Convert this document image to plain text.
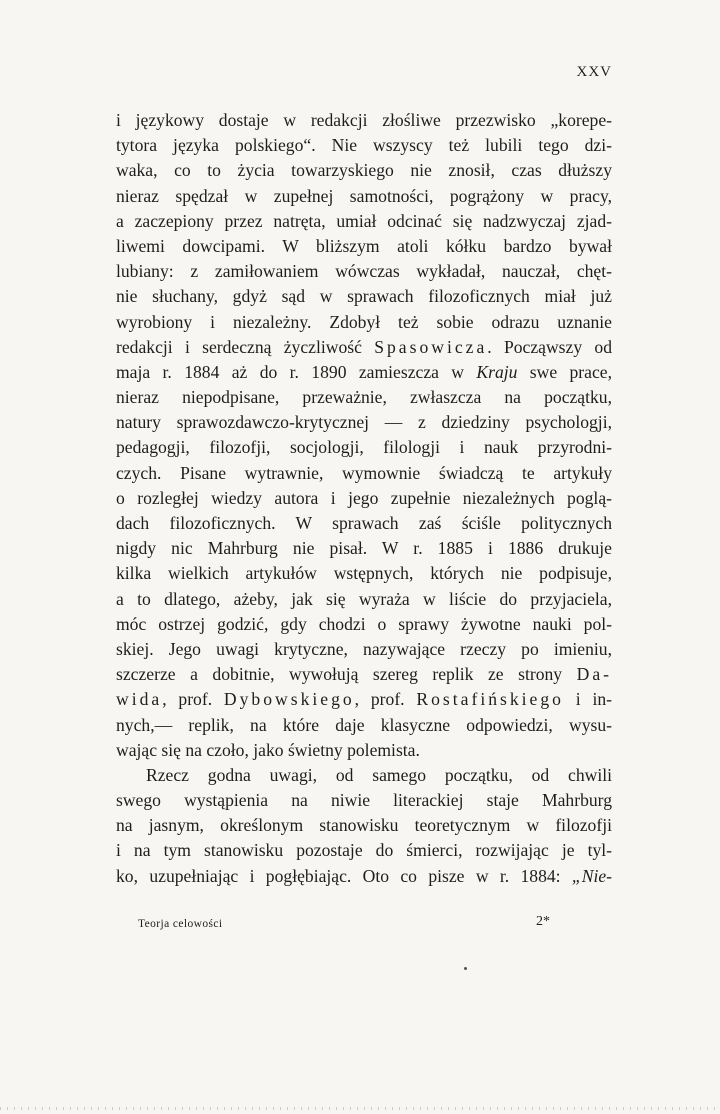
XXV
i językowy dostaje w redakcji złośliwe przezwisko „korepe-
tytora języka polskiego“. Nie wszyscy też lubili tego dzi-
waka, co to życia towarzyskiego nie znosił, czas dłuższy
nieraz spędzał w zupełnej samotności, pogrążony w pracy,
a zaczepiony przez natręta, umiał odcinać się nadzwyczaj zjad-
liwemi dowcipami. W bliższym atoli kółku bardzo bywał
lubiany: z zamiłowaniem wówczas wykładał, nauczał, chęt-
nie słuchany, gdyż sąd w sprawach filozoficznych miał już
wyrobiony i niezależny. Zdobył też sobie odrazu uznanie
redakcji i serdeczną życzliwość Spasowicza. Począwszy od
maja r. 1884 aż do r. 1890 zamieszcza w Kraju swe prace,
nieraz niepodpisane, przeważnie, zwłaszcza na początku,
natury sprawozdawczo-krytycznej — z dziedziny psychologji,
pedagogji, filozofji, socjologji, filologji i nauk przyrodni-
czych. Pisane wytrawnie, wymownie świadczą te artykuły
o rozległej wiedzy autora i jego zupełnie niezależnych poglą-
dach filozoficznych. W sprawach zaś ściśle politycznych
nigdy nic Mahrburg nie pisał. W r. 1885 i 1886 drukuje
kilka wielkich artykułów wstępnych, których nie podpisuje,
a to dlatego, ażeby, jak się wyraża w liście do przyjaciela,
móc ostrzej godzić, gdy chodzi o sprawy żywotne nauki pol-
skiej. Jego uwagi krytyczne, nazywające rzeczy po imieniu,
szczerze a dobitnie, wywołują szereg replik ze strony Da-
wida, prof. Dybowskiego, prof. Rostafińskiego i in-
nych,— replik, na które daje klasyczne odpowiedzi, wysu-
wając się na czoło, jako świetny polemista.
Rzecz godna uwagi, od samego początku, od chwili
swego wystąpienia na niwie literackiej staje Mahrburg
na jasnym, określonym stanowisku teoretycznym w filozofji
i na tym stanowisku pozostaje do śmierci, rozwijając je tyl-
ko, uzupełniając i pogłębiając. Oto co pisze w r. 1884: „Nie-
Teorja celowości	2*
